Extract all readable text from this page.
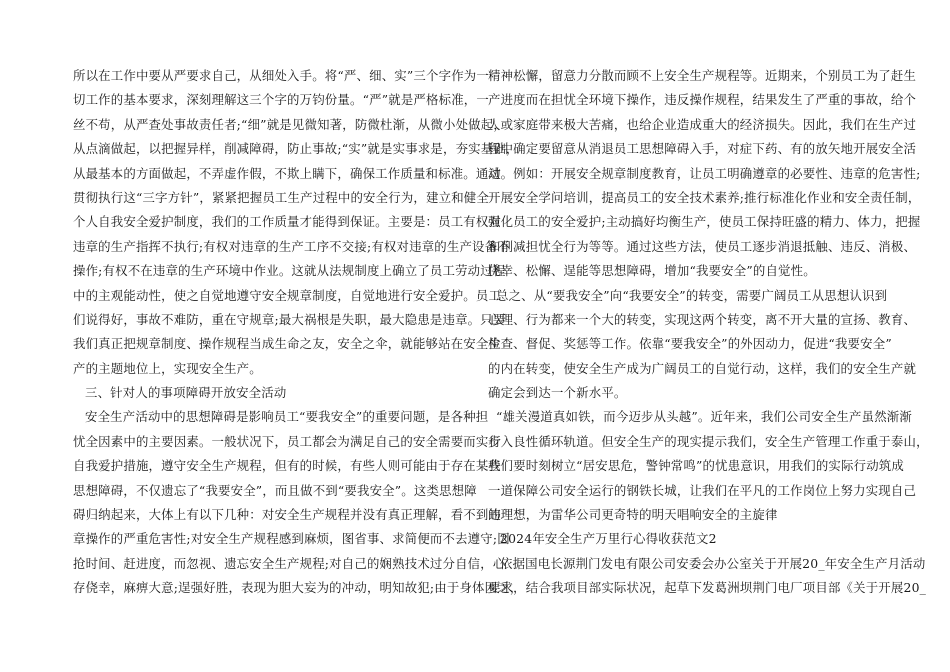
所以在工作中要从严要求自己，从细处入手。将“严、细、实”三个字作为一
切工作的基本要求，深刻理解这三个字的万钧份量。“严”就是严格标准，一
丝不苟，从严查处事故责任者;“细”就是见微知著，防微杜渐，从微小处做起，
从点滴做起，以把握异样，削减障碍，防止事故;“实”就是实事求是，夯实基础，
从最基本的方面做起，不弄虚作假，不欺上瞒下，确保工作质量和标准。通过
贯彻执行这“三字方针”，紧紧把握员工生产过程中的安全行为，建立和健全
个人自我安全爱护制度，我们的工作质量才能得到保证。主要是：员工有权对
违章的生产指挥不执行;有权对违章的生产工序不交接;有权对违章的生产设备不
操作;有权不在违章的生产环境中作业。这就从法规制度上确立了员工劳动过程
中的主观能动性，使之自觉地遵守安全规章制度，自觉地进行安全爱护。员工
们说得好，事故不难防，重在守规章;最大祸根是失职，最大隐患是违章。只要
我们真正把规章制度、操作规程当成生命之友，安全之伞，就能够站在安全生
产的主题地位上，实现安全生产。
三、针对人的事项障碍开放安全活动
安全生产活动中的思想障碍是影响员工“要我安全”的重要问题，是各种担
忧全因素中的主要因素。一般状况下，员工都会为满足自己的安全需要而实行
自我爱护措施，遵守安全生产规程，但有的时候，有些人则可能由于存在某些
思想障碍，不仅遗忘了“我要安全”，而且做不到“要我安全”。这类思想障
碍归纳起来，大体上有以下几种：对安全生产规程并没有真正理解，看不到违
章操作的严重危害性;对安全生产规程感到麻烦，图省事、求简便而不去遵守;因
抢时间、赶进度，而忽视、遗忘安全生产规程;对自己的娴熟技术过分自信，心
存侥幸，麻痹大意;逞强好胜，表现为胆大妄为的冲动，明知故犯;由于身体困乏，
精神松懈，留意力分散而顾不上安全生产规程等。近期来，个别员工为了赶生
产进度而在担忧全环境下操作，违反操作规程，结果发生了严重的事故，给个
人或家庭带来极大苦痛，也给企业造成重大的经济损失。因此，我们在生产过
程中确定要留意从消退员工思想障碍入手，对症下药、有的放矢地开展安全活
动。例如：开展安全规章制度教育，让员工明确遵章的必要性、违章的危害性;
开展安全学问培训，提高员工的安全技术素养;推行标准化作业和安全责任制，
强化员工的安全爱护;主动搞好均衡生产，使员工保持旺盛的精力、体力，把握
和削减担忧全行为等等。通过这些方法，使员工逐步消退抵触、违反、消极、
侥幸、松懈、逞能等思想障碍，增加“我要安全”的自觉性。
总之、从“要我安全”向“我要安全”的转变，需要广阔员工从思想认识到
心理、行为都来一个大的转变，实现这两个转变，离不开大量的宣扬、教育、
检查、督促、奖惩等工作。依靠“要我安全”的外因动力，促进“我要安全”
的内在转变，使安全生产成为广阔员工的自觉行动，这样，我们的安全生产就
确定会到达一个新水平。
“雄关漫道真如铁，而今迈步从头越”。近年来，我们公司安全生产虽然渐渐
步入良性循环轨道。但安全生产的现实提示我们，安全生产管理工作重于泰山，
我们要时刻树立“居安思危，警钟常鸣”的忧患意识，用我们的实际行动筑成
一道保障公司安全运行的钢铁长城，让我们在平凡的工作岗位上努力实现自己
的理想，为雷华公司更奇特的明天唱响安全的主旋律
2024年安全生产万里行心得收获范文2
依据国电长源荆门发电有限公司安委会办公室关于开展20_年安全生产月活动
要求，结合我项目部实际状况，起草下发葛洲坝荆门电厂项目部《关于开展20_
